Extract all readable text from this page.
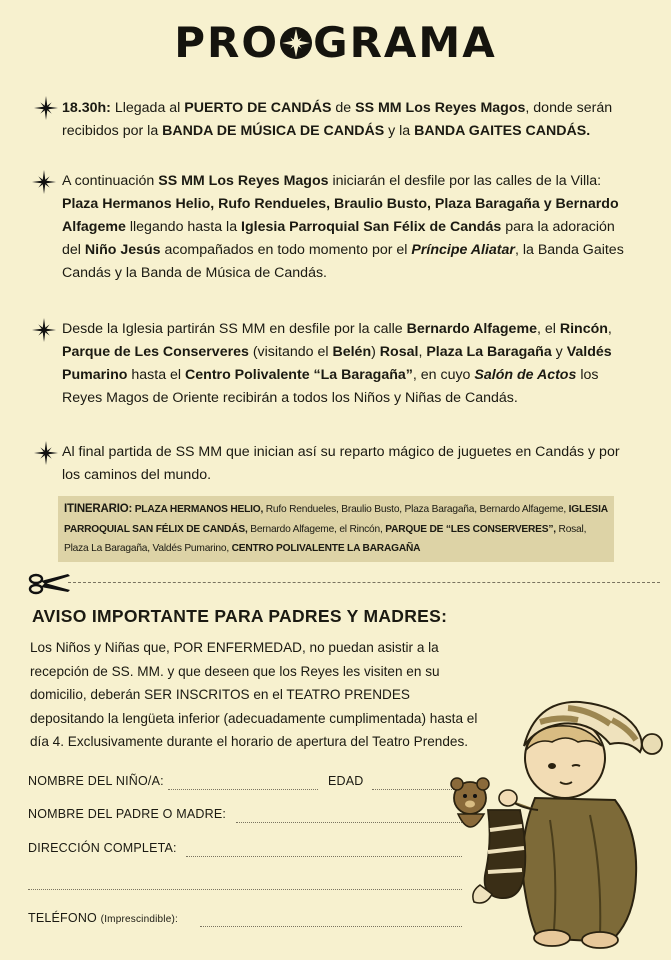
PRO GRAMA
18.30h: Llegada al PUERTO DE CANDÁS de SS MM Los Reyes Magos, donde serán recibidos por la BANDA DE MÚSICA DE CANDÁS y la BANDA GAITES CANDÁS.
A continuación SS MM Los Reyes Magos iniciarán el desfile por las calles de la Villa: Plaza Hermanos Helio, Rufo Rendueles, Braulio Busto, Plaza Baragaña y Bernardo Alfageme llegando hasta la Iglesia Parroquial San Félix de Candás para la adoración del Niño Jesús acompañados en todo momento por el Príncipe Aliatar, la Banda Gaites Candás y la Banda de Música de Candás.
Desde la Iglesia partirán SS MM en desfile por la calle Bernardo Alfageme, el Rincón, Parque de Les Conserveres (visitando el Belén) Rosal, Plaza La Baragaña y Valdés Pumarino hasta el Centro Polivalente “La Baragaña”, en cuyo Salón de Actos los Reyes Magos de Oriente recibirán a todos los Niños y Niñas de Candás.
Al final partida de SS MM que inician así su reparto mágico de juguetes en Candás y por los caminos del mundo.
ITINERARIO: PLAZA HERMANOS HELIO, Rufo Rendueles, Braulio Busto, Plaza Baragaña, Bernardo Alfageme, IGLESIA PARROQUIAL SAN FÉLIX DE CANDÁS, Bernardo Alfageme, el Rincón, PARQUE DE “LES CONSERVERES”, Rosal, Plaza La Baragaña, Valdés Pumarino, CENTRO POLIVALENTE LA BARAGAÑA
AVISO IMPORTANTE PARA PADRES Y MADRES:
Los Niños y Niñas que, POR ENFERMEDAD, no puedan asistir a la recepción de SS. MM. y que deseen que los Reyes les visiten en su domicilio, deberán SER INSCRITOS en el TEATRO PRENDES depositando la lengüeta inferior (adecuadamente cumplimentada) hasta el día 4. Exclusivamente durante el horario de apertura del Teatro Prendes.
NOMBRE DEL NIÑO/A:	EDAD
NOMBRE DEL PADRE O MADRE:
DIRECCIÓN COMPLETA:
TELÉFONO (Imprescindible):
